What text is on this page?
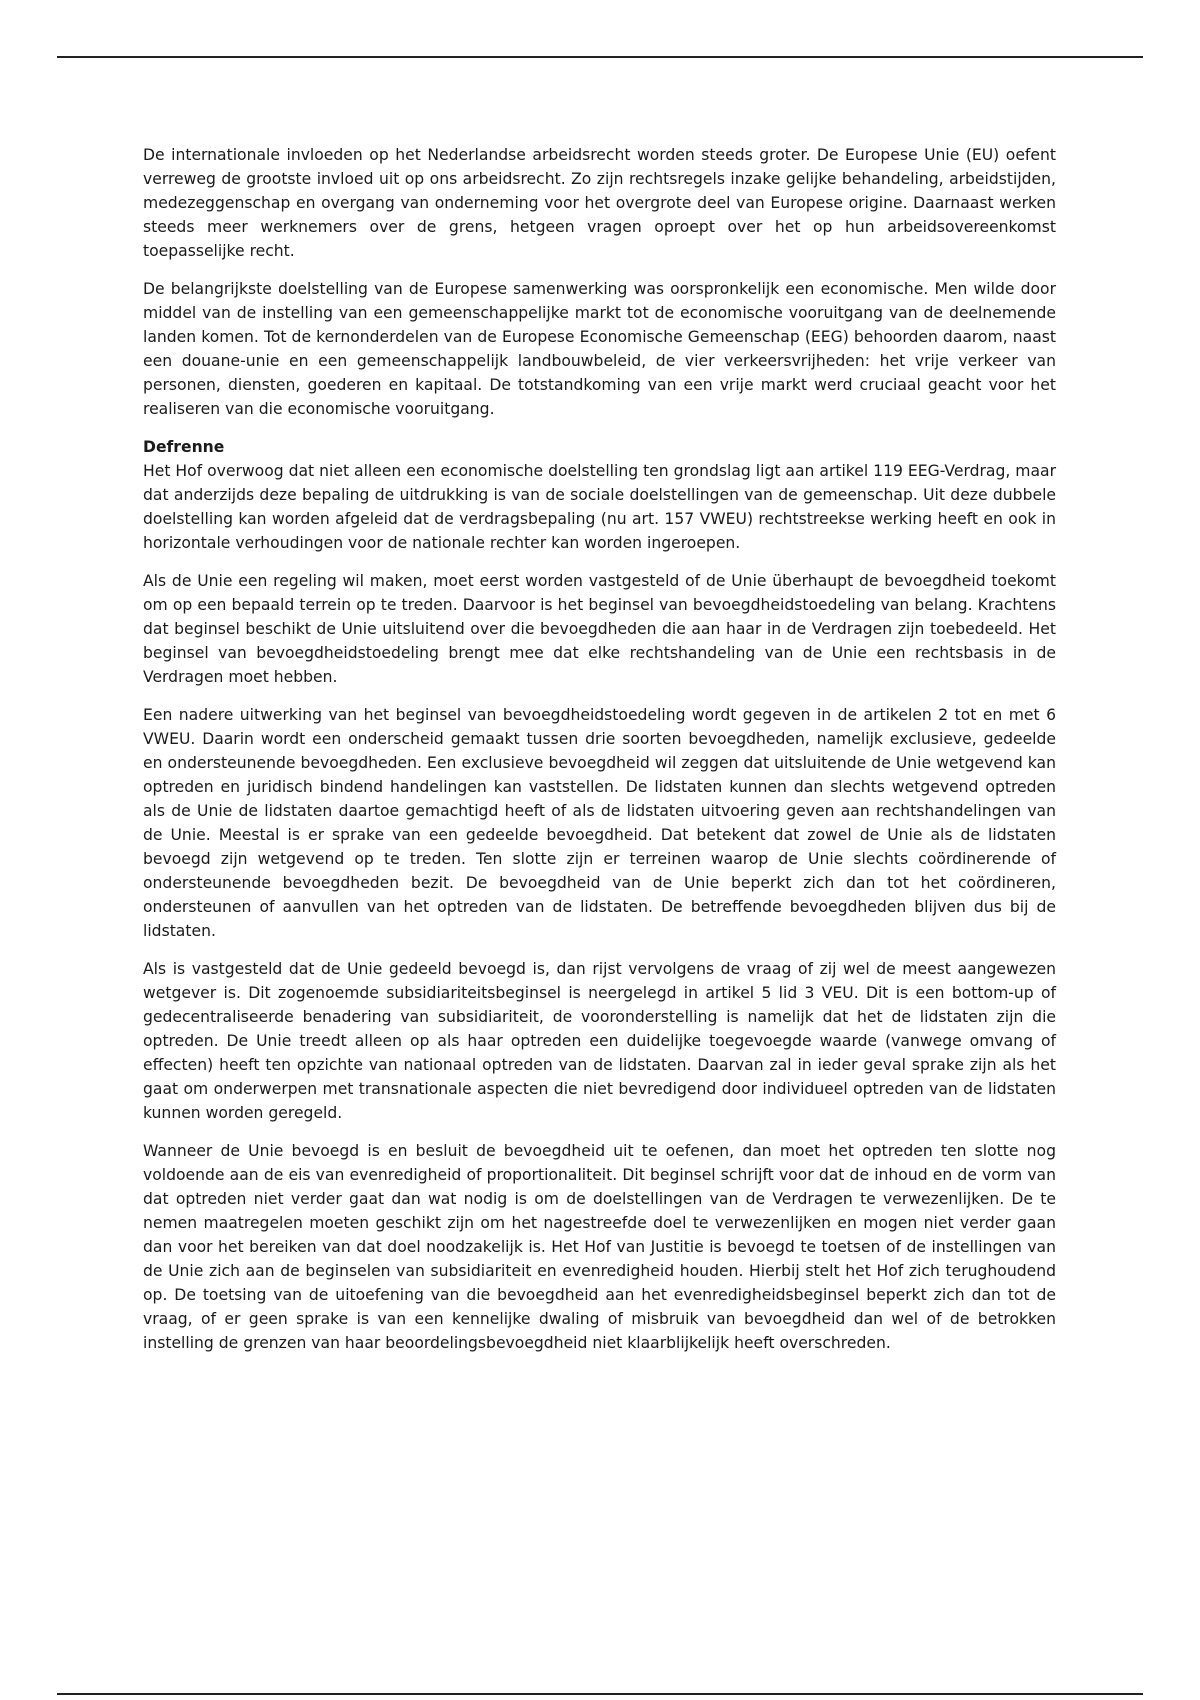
De internationale invloeden op het Nederlandse arbeidsrecht worden steeds groter. De Europese Unie (EU) oefent verreweg de grootste invloed uit op ons arbeidsrecht. Zo zijn rechtsregels inzake gelijke behandeling, arbeidstijden, medezeggenschap en overgang van onderneming voor het overgrote deel van Europese origine. Daarnaast werken steeds meer werknemers over de grens, hetgeen vragen oproept over het op hun arbeidsovereenkomst toepasselijke recht.

De belangrijkste doelstelling van de Europese samenwerking was oorspronkelijk een economische. Men wilde door middel van de instelling van een gemeenschappelijke markt tot de economische vooruitgang van de deelnemende landen komen. Tot de kernonderdelen van de Europese Economische Gemeenschap (EEG) behoorden daarom, naast een douane-unie en een gemeenschappelijk landbouwbeleid, de vier verkeersvrijheden: het vrije verkeer van personen, diensten, goederen en kapitaal. De totstandkoming van een vrije markt werd cruciaal geacht voor het realiseren van die economische vooruitgang.

Defrenne

Het Hof overwoog dat niet alleen een economische doelstelling ten grondslag ligt aan artikel 119 EEG-Verdrag, maar dat anderzijds deze bepaling de uitdrukking is van de sociale doelstellingen van de gemeenschap. Uit deze dubbele doelstelling kan worden afgeleid dat de verdragsbepaling (nu art. 157 VWEU) rechtstreekse werking heeft en ook in horizontale verhoudingen voor de nationale rechter kan worden ingeroepen.

Als de Unie een regeling wil maken, moet eerst worden vastgesteld of de Unie überhaupt de bevoegdheid toekomt om op een bepaald terrein op te treden. Daarvoor is het beginsel van bevoegdheidstoedeling van belang. Krachtens dat beginsel beschikt de Unie uitsluitend over die bevoegdheden die aan haar in de Verdragen zijn toebedeeld. Het beginsel van bevoegdheidstoedeling brengt mee dat elke rechtshandeling van de Unie een rechtsbasis in de Verdragen moet hebben.

Een nadere uitwerking van het beginsel van bevoegdheidstoedeling wordt gegeven in de artikelen 2 tot en met 6 VWEU. Daarin wordt een onderscheid gemaakt tussen drie soorten bevoegdheden, namelijk exclusieve, gedeelde en ondersteunende bevoegdheden. Een exclusieve bevoegdheid wil zeggen dat uitsluitende de Unie wetgevend kan optreden en juridisch bindend handelingen kan vaststellen. De lidstaten kunnen dan slechts wetgevend optreden als de Unie de lidstaten daartoe gemachtigd heeft of als de lidstaten uitvoering geven aan rechtshandelingen van de Unie. Meestal is er sprake van een gedeelde bevoegdheid. Dat betekent dat zowel de Unie als de lidstaten bevoegd zijn wetgevend op te treden. Ten slotte zijn er terreinen waarop de Unie slechts coördinerende of ondersteunende bevoegdheden bezit. De bevoegdheid van de Unie beperkt zich dan tot het coördineren, ondersteunen of aanvullen van het optreden van de lidstaten. De betreffende bevoegdheden blijven dus bij de lidstaten.

Als is vastgesteld dat de Unie gedeeld bevoegd is, dan rijst vervolgens de vraag of zij wel de meest aangewezen wetgever is. Dit zogenoemde subsidiariteitsbeginsel is neergelegd in artikel 5 lid 3 VEU. Dit is een bottom-up of gedecentraliseerde benadering van subsidiariteit, de vooronderstelling is namelijk dat het de lidstaten zijn die optreden. De Unie treedt alleen op als haar optreden een duidelijke toegevoegde waarde (vanwege omvang of effecten) heeft ten opzichte van nationaal optreden van de lidstaten. Daarvan zal in ieder geval sprake zijn als het gaat om onderwerpen met transnationale aspecten die niet bevredigend door individueel optreden van de lidstaten kunnen worden geregeld.

Wanneer de Unie bevoegd is en besluit de bevoegdheid uit te oefenen, dan moet het optreden ten slotte nog voldoende aan de eis van evenredigheid of proportionaliteit. Dit beginsel schrijft voor dat de inhoud en de vorm van dat optreden niet verder gaat dan wat nodig is om de doelstellingen van de Verdragen te verwezenlijken. De te nemen maatregelen moeten geschikt zijn om het nagestreefde doel te verwezenlijken en mogen niet verder gaan dan voor het bereiken van dat doel noodzakelijk is. Het Hof van Justitie is bevoegd te toetsen of de instellingen van de Unie zich aan de beginselen van subsidiariteit en evenredigheid houden. Hierbij stelt het Hof zich terughoudend op. De toetsing van de uitoefening van die bevoegdheid aan het evenredigheidsbeginsel beperkt zich dan tot de vraag, of er geen sprake is van een kennelijke dwaling of misbruik van bevoegdheid dan wel of de betrokken instelling de grenzen van haar beoordelingsbevoegdheid niet klaarblijkelijk heeft overschreden.
